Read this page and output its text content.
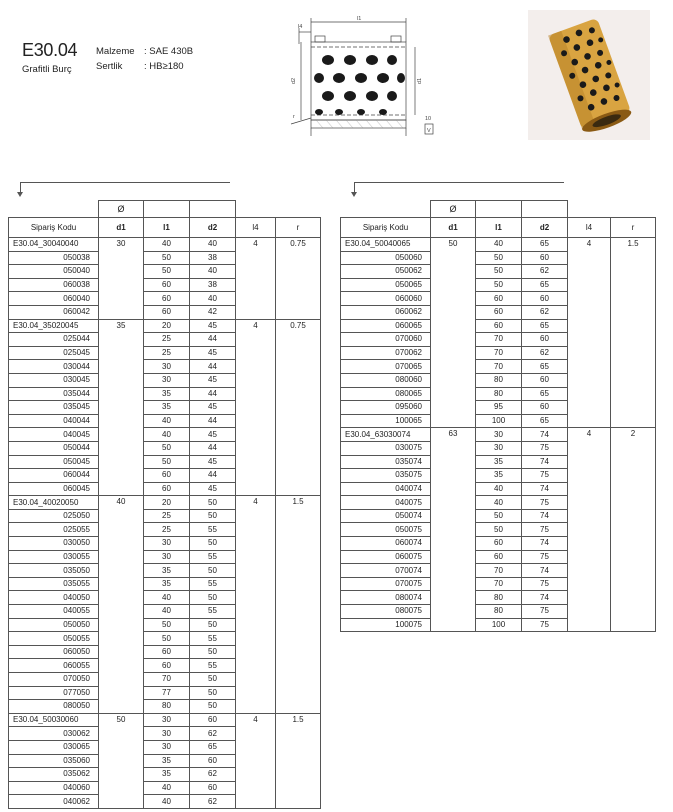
E30.04
Grafitli Burç
Malzeme : SAE 430B
Sertlik : HB≥180
l4
l1
d2	d1
r	10
V
	Ø				
Sipariş Kodu	d1	l1	d2	l4	r
E30.04_30040040	30	40	40	4	0.75
050038		50	38		
050040		50	40		
060038		60	38		
060040		60	40		
060042		60	42		
E30.04_35020045	35	20	45	4	0.75
025044		25	44		
025045		25	45		
030044		30	44		
030045		30	45		
035044		35	44		
035045		35	45		
040044		40	44		
040045		40	45		
050044		50	44		
050045		50	45		
060044		60	44		
060045		60	45		
E30.04_40020050	40	20	50	4	1.5
025050		25	50		
025055		25	55		
030050		30	50		
030055		30	55		
035050		35	50		
035055		35	55		
040050		40	50		
040055		40	55		
050050		50	50		
050055		50	55		
060050		60	50		
060055		60	55		
070050		70	50		
077050		77	50		
080050		80	50		
E30.04_50030060	50	30	60	4	1.5
030062		30	62		
030065		30	65		
035060		35	60		
035062		35	62		
040060		40	60		
040062		40	62		
	Ø				
Sipariş Kodu	d1	l1	d2	l4	r
E30.04_50040065	50	40	65	4	1.5
050060		50	60		
050062		50	62		
050065		50	65		
060060		60	60		
060062		60	62		
060065		60	65		
070060		70	60		
070062		70	62		
070065		70	65		
080060		80	60		
080065		80	65		
095060		95	60		
100065		100	65		
E30.04_63030074	63	30	74	4	2
030075		30	75		
035074		35	74		
035075		35	75		
040074		40	74		
040075		40	75		
050074		50	74		
050075		50	75		
060074		60	74		
060075		60	75		
070074		70	74		
070075		70	75		
080074		80	74		
080075		80	75		
100075		100	75		
